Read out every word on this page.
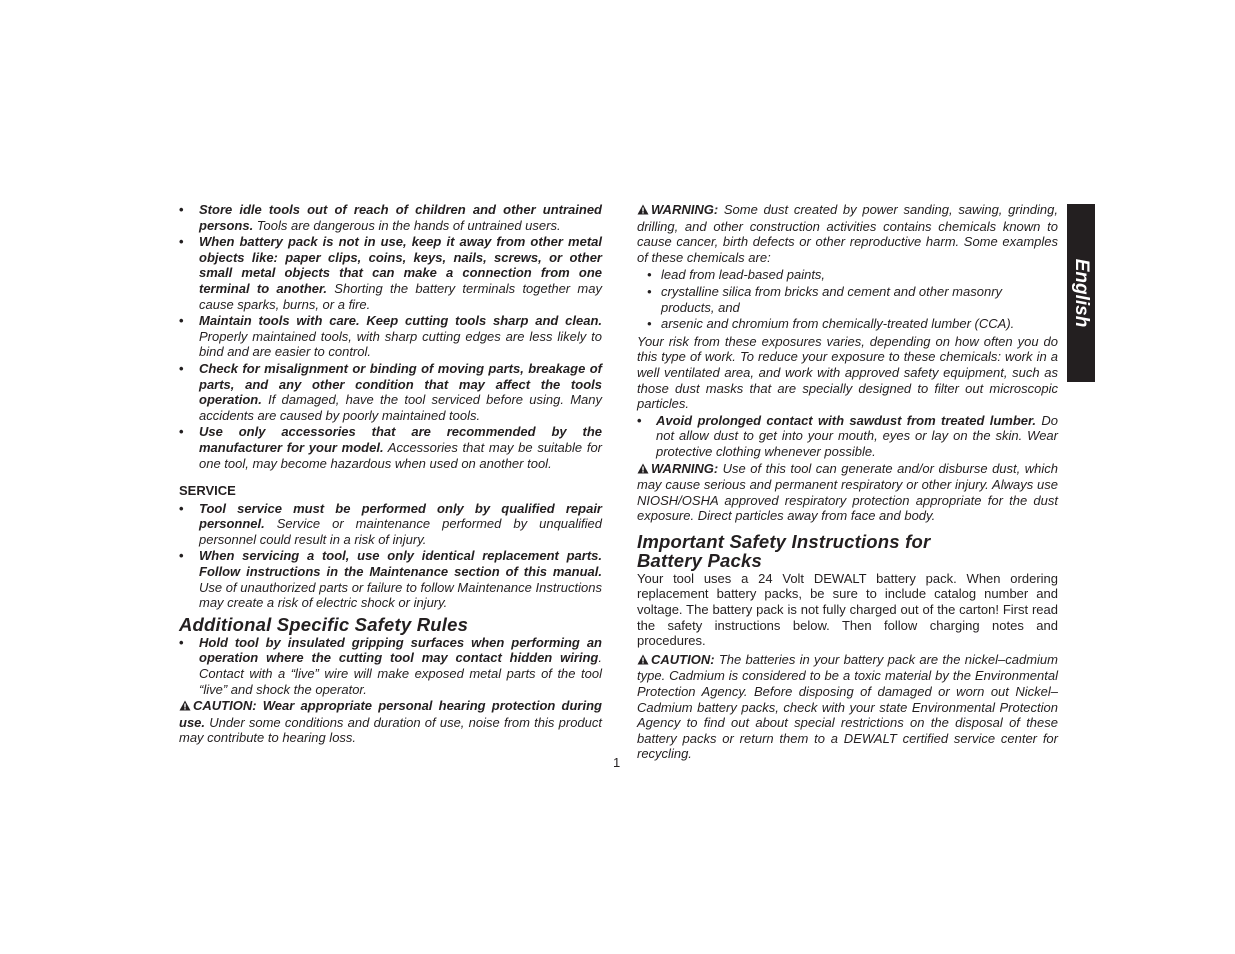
• Store idle tools out of reach of children and other untrained persons. Tools are dangerous in the hands of untrained users.
• When battery pack is not in use, keep it away from other metal objects like: paper clips, coins, keys, nails, screws, or other small metal objects that can make a connection from one terminal to another. Shorting the battery terminals together may cause sparks, burns, or a fire.
• Maintain tools with care. Keep cutting tools sharp and clean. Properly maintained tools, with sharp cutting edges are less likely to bind and are easier to control.
• Check for misalignment or binding of moving parts, breakage of parts, and any other condition that may affect the tools operation. If damaged, have the tool serviced before using. Many accidents are caused by poorly maintained tools.
• Use only accessories that are recommended by the manufacturer for your model. Accessories that may be suitable for one tool, may become hazardous when used on another tool.
SERVICE
• Tool service must be performed only by qualified repair personnel. Service or maintenance performed by unqualified personnel could result in a risk of injury.
• When servicing a tool, use only identical replacement parts. Follow instructions in the Maintenance section of this manual. Use of unauthorized parts or failure to follow Maintenance Instructions may create a risk of electric shock or injury.
Additional Specific Safety Rules
• Hold tool by insulated gripping surfaces when performing an operation where the cutting tool may contact hidden wiring. Contact with a “live” wire will make exposed metal parts of the tool “live” and shock the operator.

CAUTION: Wear appropriate personal hearing protection during use. Under some conditions and duration of use, noise from this product may contribute to hearing loss.

WARNING: Some dust created by power sanding, sawing, grinding, drilling, and other construction activities contains chemicals known to cause cancer, birth defects or other reproductive harm. Some examples of these chemicals are:

• lead from lead-based paints,
• crystalline silica from bricks and cement and other masonry products, and
• arsenic and chromium from chemically-treated lumber (CCA).

Your risk from these exposures varies, depending on how often you do this type of work. To reduce your exposure to these chemicals: work in a well ventilated area, and work with approved safety equipment, such as those dust masks that are specially designed to filter out microscopic particles.

• Avoid prolonged contact with sawdust from treated lumber. Do not allow dust to get into your mouth, eyes or lay on the skin. Wear protective clothing whenever possible.

WARNING: Use of this tool can generate and/or disburse dust, which may cause serious and permanent respiratory or other injury. Always use NIOSH/OSHA approved respiratory protection appropriate for the dust exposure. Direct particles away from face and body.

Important Safety Instructions for
Battery Packs

Your tool uses a 24 Volt DEWALT battery pack. When ordering replacement battery packs, be sure to include catalog number and voltage. The battery pack is not fully charged out of the carton! First read the safety instructions below. Then follow charging notes and procedures.

CAUTION: The batteries in your battery pack are the nickel–cadmium type. Cadmium is considered to be a toxic material by the Environmental Protection Agency. Before disposing of damaged or worn out Nickel–Cadmium battery packs, check with your state Environmental Protection Agency to find out about special restrictions on the disposal of these battery packs or return them to a DEWALT certified service center for recycling.

1
English
